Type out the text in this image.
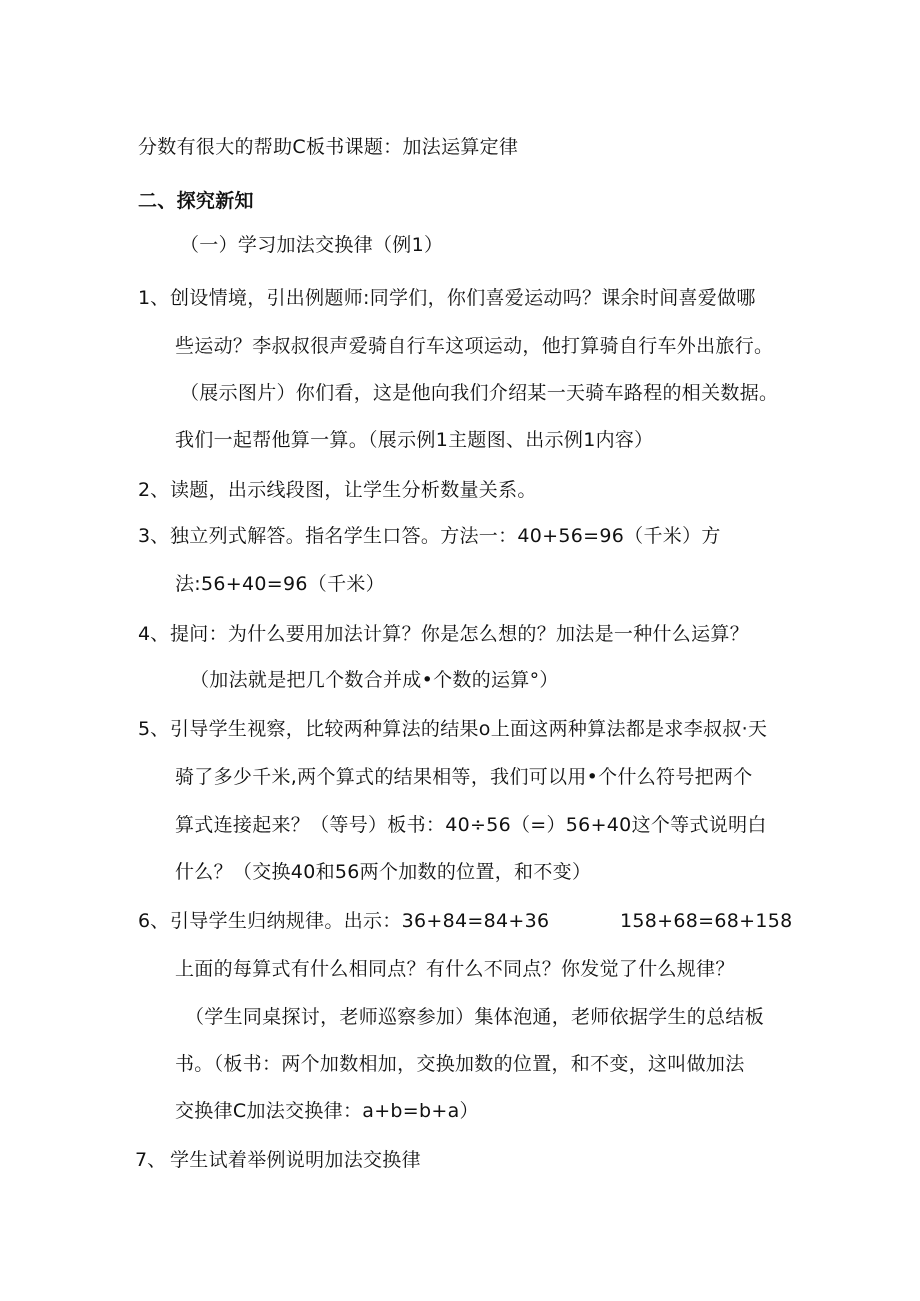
分数有很大的帮助C板书课题：加法运算定律
二、探究新知
（一）学习加法交换律（例1）
1、 创设情境，引出例题师:同学们，你们喜爱运动吗？课余时间喜爱做哪
些运动？李叔叔很声爱骑自行车这项运动，他打算骑自行车外出旅行。
（展示图片）你们看，这是他向我们介绍某一天骑车路程的相关数据。
我们一起帮他算一算。（展示例1主题图、出示例1内容）
2、 读题，出示线段图，让学生分析数量关系。
3、 独立列式解答。指名学生口答。方法一：40+56=96（千米）方
法:56+40=96（千米）
4、 提问：为什么要用加法计算？你是怎么想的？加法是一种什么运算？
（加法就是把几个数合并成•个数的运算°）
5、 引导学生视察，比较两种算法的结果o上面这两种算法都是求李叔叔·天
骑了多少千米,两个算式的结果相等，我们可以用•个什么符号把两个
算式连接起来？（等号）板书：40÷56（=）56+40这个等式说明白
什么？（交换40和56两个加数的位置，和不变）
6、 引导学生归纳规律。出示：36+84=84+36	158+68=68+158
上面的每算式有什么相同点？有什么不同点？你发觉了什么规律？
（学生同桌探讨，老师巡察参加）集体泡通，老师依据学生的总结板
书。（板书：两个加数相加，交换加数的位置，和不变，这叫做加法
交换律C加法交换律：a+b=b+a）
7、 学生试着举例说明加法交换律
